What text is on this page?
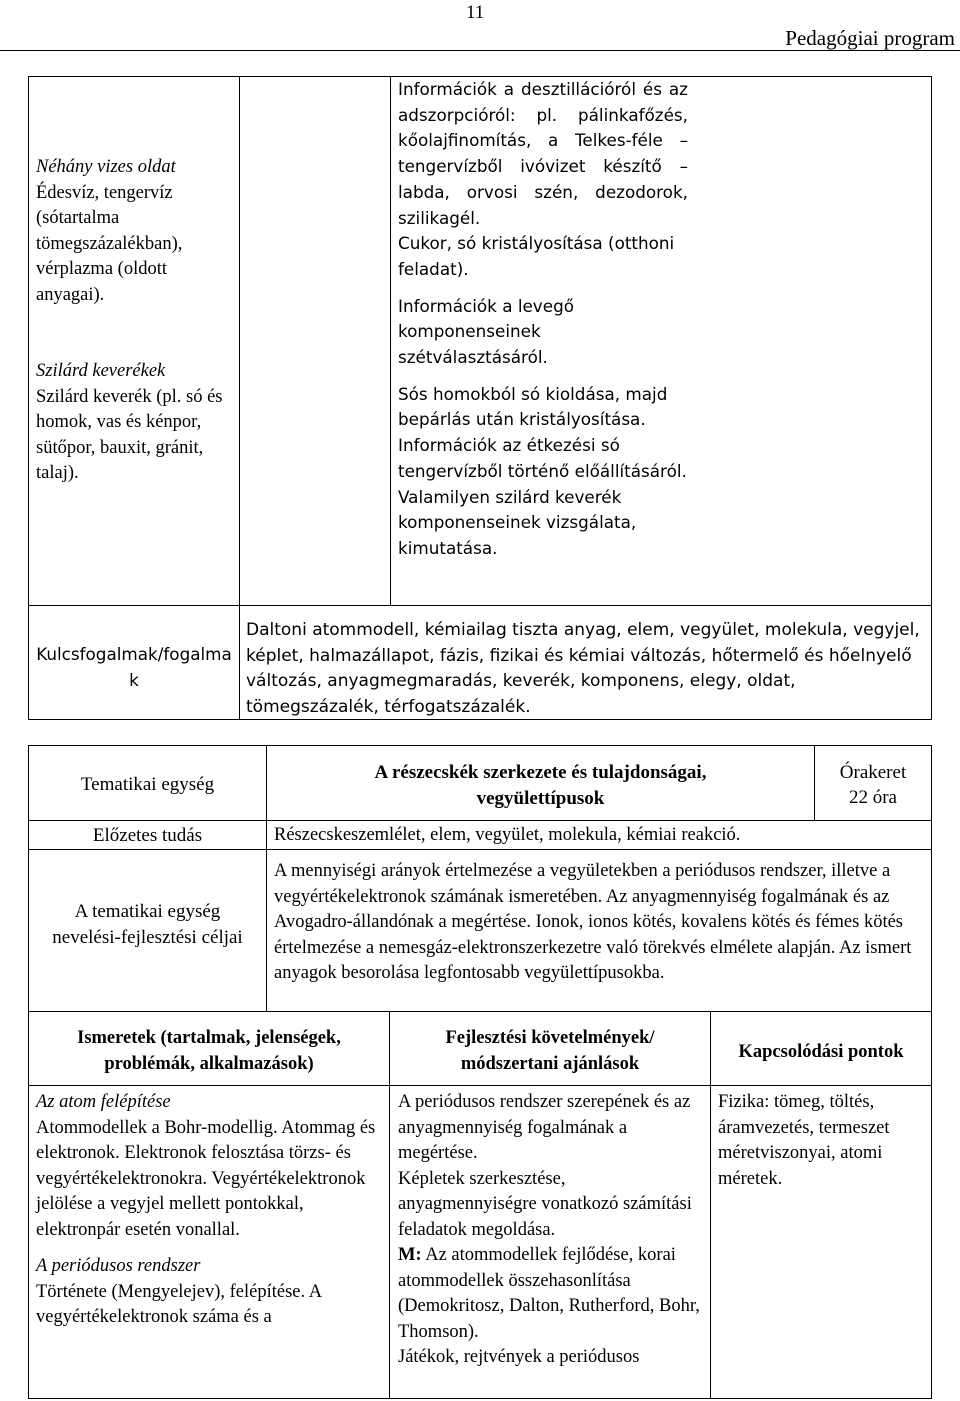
11
Pedagógiai program

Néhány vizes oldat

Édesvíz, tengervíz (sótartalma tömegszázalékban), vérplazma (oldott anyagai).

Szilárd keverékek

Szilárd keverék (pl. só és homok, vas és kénpor, sütőpor, bauxit, gránit, talaj).

Információk a desztillációról és az adszorpcióról: pl. pálinkafőzés, kőolajfinomítás, a Telkes-féle – tengervízből ivóvizet készítő – labda, orvosi szén, dezodorok, szilikagél.

Cukor, só kristályosítása (otthoni feladat).

Információk a levegő komponenseinek szétválasztásáról.

Sós homokból só kioldása, majd bepárlás után kristályosítása.

Információk az étkezési só tengervízből történő előállításáról.

Valamilyen szilárd keverék komponenseinek vizsgálata, kimutatása.

Kulcsfogalmak/fogalmak
Daltoni atommodell, kémiailag tiszta anyag, elem, vegyület, molekula, vegyjel, képlet, halmazállapot, fázis, fizikai és kémiai változás, hőtermelő és hőelnyelő változás, anyagmegmaradás, keverék, komponens, elegy, oldat, tömegszázalék, térfogatszázalék.
Tematikai egység
A részecskék szerkezete és tulajdonságai, vegyülettípusok
Órakeret
22 óra
Előzetes tudás	Részecskeszemlélet, elem, vegyület, molekula, kémiai reakció.
A tematikai egység nevelési-fejlesztési céljai
A mennyiségi arányok értelmezése a vegyületekben a periódusos rendszer, illetve a vegyértékelektronok számának ismeretében. Az anyagmennyiség fogalmának és az Avogadro-állandónak a megértése. Ionok, ionos kötés, kovalens kötés és fémes kötés értelmezése a nemesgáz-elektronszerkezetre való törekvés elmélete alapján. Az ismert anyagok besorolása legfontosabb vegyülettípusokba.
Ismeretek (tartalmak, jelenségek, problémák, alkalmazások)
Fejlesztési követelmények/ módszertani ajánlások
Kapcsolódási pontok

Az atom felépítése

Atommodellek a Bohr-modellig. Atommag és elektronok. Elektronok felosztása törzs- és vegyértékelektronokra. Vegyértékelektronok jelölése a vegyjel mellett pontokkal, elektronpár esetén vonallal.

A periódusos rendszer

Története (Mengyelejev), felépítése. A vegyértékelektronok száma és a

A periódusos rendszer szerepének és az anyagmennyiség fogalmának a megértése.

Képletek szerkesztése, anyagmennyiségre vonatkozó számítási feladatok megoldása.

M: Az atommodellek fejlődése, korai atommodellek összehasonlítása (Demokritosz, Dalton, Rutherford, Bohr, Thomson).

Játékok, rejtvények a periódusos

Fizika: tömeg, töltés, áramvezetés, termeszet méretviszonyai, atomi méretek.
